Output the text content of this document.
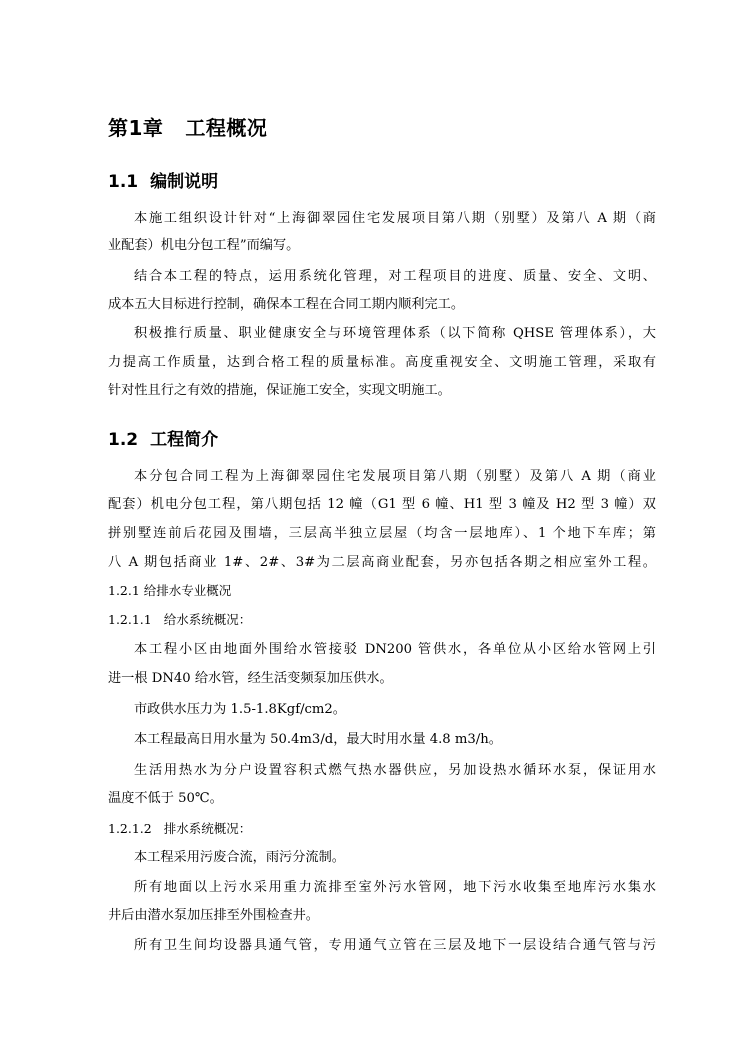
第1章 工程概况
1.1 编制说明
本施工组织设计针对“上海御翠园住宅发展项目第八期（别墅）及第八 A 期（商
业配套）机电分包工程”而编写。
结合本工程的特点，运用系统化管理，对工程项目的进度、质量、安全、文明、
成本五大目标进行控制，确保本工程在合同工期内顺利完工。
积极推行质量、职业健康安全与环境管理体系（以下简称 QHSE 管理体系），大
力提高工作质量，达到合格工程的质量标准。高度重视安全、文明施工管理，采取有
针对性且行之有效的措施，保证施工安全，实现文明施工。
1.2 工程简介
本分包合同工程为上海御翠园住宅发展项目第八期（别墅）及第八 A 期（商业
配套）机电分包工程，第八期包括 12 幢（G1 型 6 幢、H1 型 3 幢及 H2 型 3 幢）双
拼别墅连前后花园及围墙，三层高半独立层屋（均含一层地库）、1 个地下车库；第
八 A 期包括商业 1#、2#、3#为二层高商业配套，另亦包括各期之相应室外工程。
1.2.1 给排水专业概况
1.2.1.1 给水系统概况：
本工程小区由地面外围给水管接驳 DN200 管供水，各单位从小区给水管网上引
进一根 DN40 给水管，经生活变频泵加压供水。
市政供水压力为 1.5-1.8Kgf/cm2。
本工程最高日用水量为 50.4m3/d，最大时用水量 4.8 m3/h。
生活用热水为分户设置容积式燃气热水器供应，另加设热水循环水泵，保证用水
温度不低于 50℃。
1.2.1.2 排水系统概况：
本工程采用污废合流，雨污分流制。
所有地面以上污水采用重力流排至室外污水管网，地下污水收集至地库污水集水
井后由潜水泵加压排至外围检查井。
所有卫生间均设器具通气管，专用通气立管在三层及地下一层设结合通气管与污
